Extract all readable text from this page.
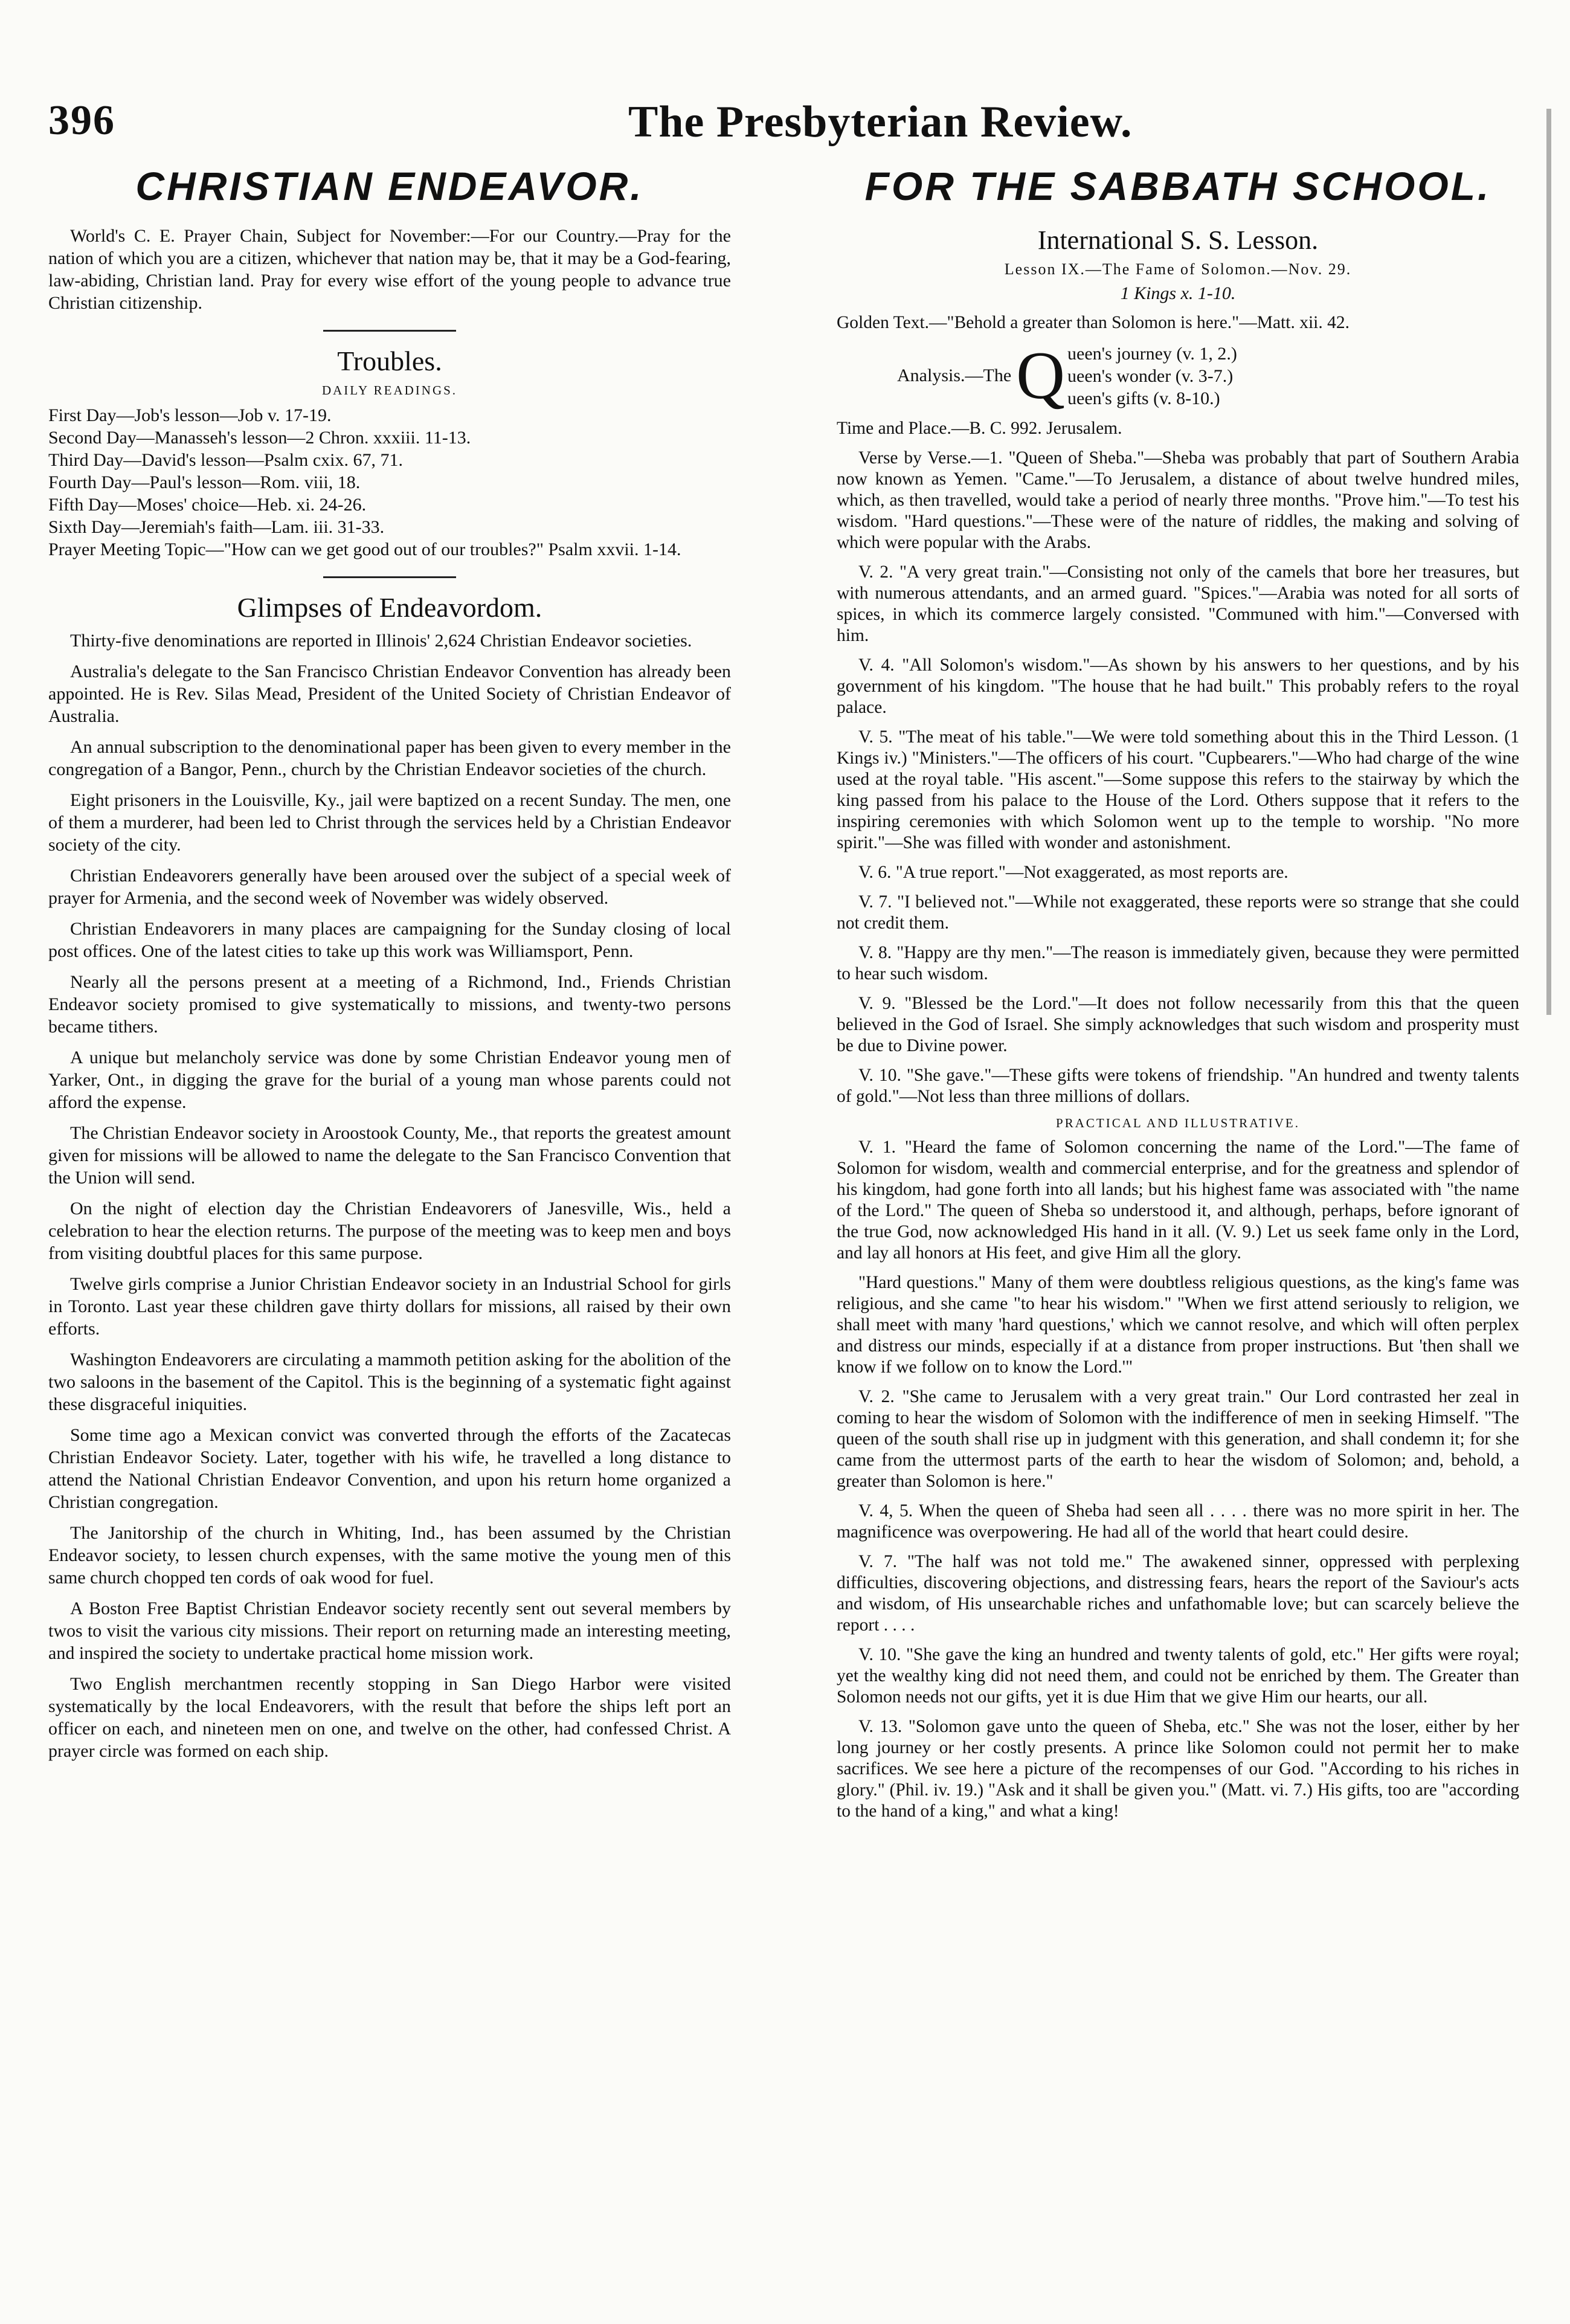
396	The Presbyterian Review.
CHRISTIAN ENDEAVOR.

World's C. E. Prayer Chain, Subject for November:—For our Country.—Pray for the nation of which you are a citizen, whichever that nation may be, that it may be a God-fearing, law-abiding, Christian land. Pray for every wise effort of the young people to advance true Christian citizenship.

Troubles.
DAILY READINGS.
First Day—Job's lesson—Job v. 17-19.
Second Day—Manasseh's lesson—2 Chron. xxxiii. 11-13.
Third Day—David's lesson—Psalm cxix. 67, 71.
Fourth Day—Paul's lesson—Rom. viii, 18.
Fifth Day—Moses' choice—Heb. xi. 24-26.
Sixth Day—Jeremiah's faith—Lam. iii. 31-33.
Prayer Meeting Topic—"How can we get good out of our troubles?" Psalm xxvii. 1-14.
Glimpses of Endeavordom.

Thirty-five denominations are reported in Illinois' 2,624 Christian Endeavor societies.

Australia's delegate to the San Francisco Christian Endeavor Convention has already been appointed. He is Rev. Silas Mead, President of the United Society of Christian Endeavor of Australia.

An annual subscription to the denominational paper has been given to every member in the congregation of a Bangor, Penn., church by the Christian Endeavor societies of the church.

Eight prisoners in the Louisville, Ky., jail were baptized on a recent Sunday. The men, one of them a murderer, had been led to Christ through the services held by a Christian Endeavor society of the city.

Christian Endeavorers generally have been aroused over the subject of a special week of prayer for Armenia, and the second week of November was widely observed.

Christian Endeavorers in many places are campaigning for the Sunday closing of local post offices. One of the latest cities to take up this work was Williamsport, Penn.

Nearly all the persons present at a meeting of a Richmond, Ind., Friends Christian Endeavor society promised to give systematically to missions, and twenty-two persons became tithers.

A unique but melancholy service was done by some Christian Endeavor young men of Yarker, Ont., in digging the grave for the burial of a young man whose parents could not afford the expense.

The Christian Endeavor society in Aroostook County, Me., that reports the greatest amount given for missions will be allowed to name the delegate to the San Francisco Convention that the Union will send.

On the night of election day the Christian Endeavorers of Janesville, Wis., held a celebration to hear the election returns. The purpose of the meeting was to keep men and boys from visiting doubtful places for this same purpose.

Twelve girls comprise a Junior Christian Endeavor society in an Industrial School for girls in Toronto. Last year these children gave thirty dollars for missions, all raised by their own efforts.

Washington Endeavorers are circulating a mammoth petition asking for the abolition of the two saloons in the basement of the Capitol. This is the beginning of a systematic fight against these disgraceful iniquities.

Some time ago a Mexican convict was converted through the efforts of the Zacatecas Christian Endeavor Society. Later, together with his wife, he travelled a long distance to attend the National Christian Endeavor Convention, and upon his return home organized a Christian congregation.

The Janitorship of the church in Whiting, Ind., has been assumed by the Christian Endeavor society, to lessen church expenses, with the same motive the young men of this same church chopped ten cords of oak wood for fuel.

A Boston Free Baptist Christian Endeavor society recently sent out several members by twos to visit the various city missions. Their report on returning made an interesting meeting, and inspired the society to undertake practical home mission work.

Two English merchantmen recently stopping in San Diego Harbor were visited systematically by the local Endeavorers, with the result that before the ships left port an officer on each, and nineteen men on one, and twelve on the other, had confessed Christ. A prayer circle was formed on each ship.

FOR THE SABBATH SCHOOL.
International S. S. Lesson.
Lesson IX.—The Fame of Solomon.—Nov. 29.
1 Kings x. 1-10.

Golden Text.—"Behold a greater than Solomon is here."—Matt. xii. 42.

Analysis.—The Q ueen's journey (v. 1, 2.)
ueen's wonder (v. 3-7.)
ueen's gifts (v. 8-10.)

Time and Place.—B. C. 992. Jerusalem.

Verse by Verse.—1. "Queen of Sheba."—Sheba was probably that part of Southern Arabia now known as Yemen. "Came."—To Jerusalem, a distance of about twelve hundred miles, which, as then travelled, would take a period of nearly three months. "Prove him."—To test his wisdom. "Hard questions."—These were of the nature of riddles, the making and solving of which were popular with the Arabs.

V. 2. "A very great train."—Consisting not only of the camels that bore her treasures, but with numerous attendants, and an armed guard. "Spices."—Arabia was noted for all sorts of spices, in which its commerce largely consisted. "Communed with him."—Conversed with him.

V. 4. "All Solomon's wisdom."—As shown by his answers to her questions, and by his government of his kingdom. "The house that he had built." This probably refers to the royal palace.

V. 5. "The meat of his table."—We were told something about this in the Third Lesson. (1 Kings iv.) "Ministers."—The officers of his court. "Cupbearers."—Who had charge of the wine used at the royal table. "His ascent."—Some suppose this refers to the stairway by which the king passed from his palace to the House of the Lord. Others suppose that it refers to the inspiring ceremonies with which Solomon went up to the temple to worship. "No more spirit."—She was filled with wonder and astonishment.

V. 6. "A true report."—Not exaggerated, as most reports are.

V. 7. "I believed not."—While not exaggerated, these reports were so strange that she could not credit them.

V. 8. "Happy are thy men."—The reason is immediately given, because they were permitted to hear such wisdom.

V. 9. "Blessed be the Lord."—It does not follow necessarily from this that the queen believed in the God of Israel. She simply acknowledges that such wisdom and prosperity must be due to Divine power.

V. 10. "She gave."—These gifts were tokens of friendship. "An hundred and twenty talents of gold."—Not less than three millions of dollars.

PRACTICAL AND ILLUSTRATIVE.

V. 1. "Heard the fame of Solomon concerning the name of the Lord."—The fame of Solomon for wisdom, wealth and commercial enterprise, and for the greatness and splendor of his kingdom, had gone forth into all lands; but his highest fame was associated with "the name of the Lord." The queen of Sheba so understood it, and although, perhaps, before ignorant of the true God, now acknowledged His hand in it all. (V. 9.) Let us seek fame only in the Lord, and lay all honors at His feet, and give Him all the glory.

"Hard questions." Many of them were doubtless religious questions, as the king's fame was religious, and she came "to hear his wisdom." "When we first attend seriously to religion, we shall meet with many 'hard questions,' which we cannot resolve, and which will often perplex and distress our minds, especially if at a distance from proper instructions. But 'then shall we know if we follow on to know the Lord.'"

V. 2. "She came to Jerusalem with a very great train." Our Lord contrasted her zeal in coming to hear the wisdom of Solomon with the indifference of men in seeking Himself. "The queen of the south shall rise up in judgment with this generation, and shall condemn it; for she came from the uttermost parts of the earth to hear the wisdom of Solomon; and, behold, a greater than Solomon is here."

V. 4, 5. When the queen of Sheba had seen all . . . . there was no more spirit in her. The magnificence was overpowering. He had all of the world that heart could desire.

V. 7. "The half was not told me." The awakened sinner, oppressed with perplexing difficulties, discovering objections, and distressing fears, hears the report of the Saviour's acts and wisdom, of His unsearchable riches and unfathomable love; but can scarcely believe the report . . . .

V. 10. "She gave the king an hundred and twenty talents of gold, etc." Her gifts were royal; yet the wealthy king did not need them, and could not be enriched by them. The Greater than Solomon needs not our gifts, yet it is due Him that we give Him our hearts, our all.

V. 13. "Solomon gave unto the queen of Sheba, etc." She was not the loser, either by her long journey or her costly presents. A prince like Solomon could not permit her to make sacrifices. We see here a picture of the recompenses of our God. "According to his riches in glory." (Phil. iv. 19.) "Ask and it shall be given you." (Matt. vi. 7.) His gifts, too are "according to the hand of a king," and what a king!
